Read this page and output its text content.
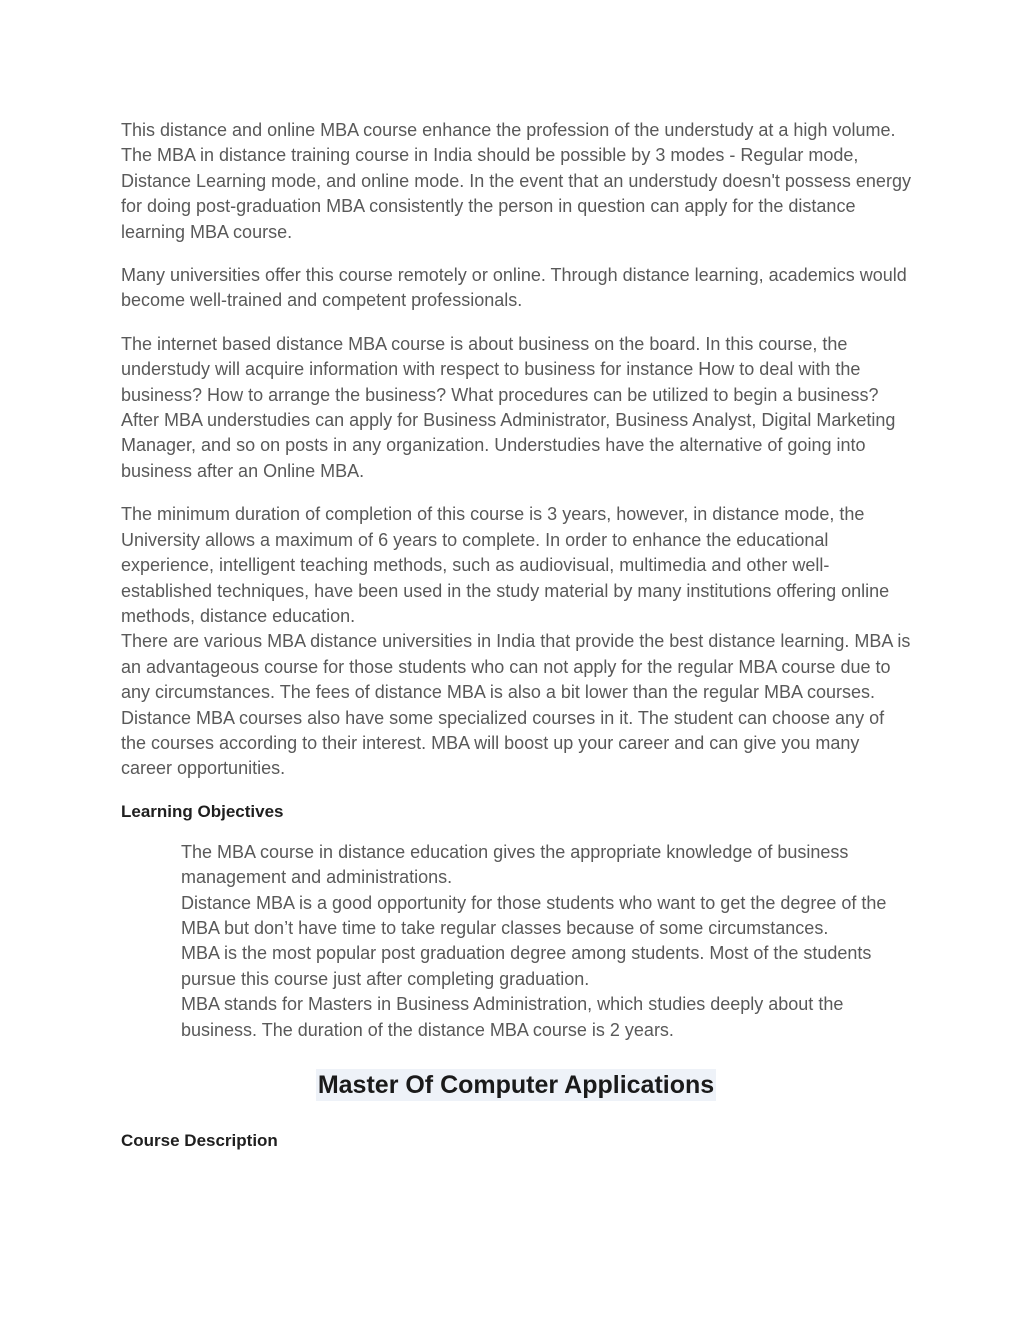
This distance and online MBA course enhance the profession of the understudy at a high volume. The MBA in distance training course in India should be possible by 3 modes - Regular mode, Distance Learning mode, and online mode. In the event that an understudy doesn't possess energy for doing post-graduation MBA consistently the person in question can apply for the distance learning MBA course.

Many universities offer this course remotely or online. Through distance learning, academics would become well-trained and competent professionals.

The internet based distance MBA course is about business on the board. In this course, the understudy will acquire information with respect to business for instance How to deal with the business? How to arrange the business? What procedures can be utilized to begin a business? After MBA understudies can apply for Business Administrator, Business Analyst, Digital Marketing Manager, and so on posts in any organization. Understudies have the alternative of going into business after an Online MBA.

The minimum duration of completion of this course is 3 years, however, in distance mode, the University allows a maximum of 6 years to complete. In order to enhance the educational experience, intelligent teaching methods, such as audiovisual, multimedia and other well-established techniques, have been used in the study material by many institutions offering online methods, distance education.

There are various MBA distance universities in India that provide the best distance learning. MBA is an advantageous course for those students who can not apply for the regular MBA course due to any circumstances. The fees of distance MBA is also a bit lower than the regular MBA courses. Distance MBA courses also have some specialized courses in it. The student can choose any of the courses according to their interest. MBA will boost up your career and can give you many career opportunities.

Learning Objectives
The MBA course in distance education gives the appropriate knowledge of business management and administrations.
Distance MBA is a good opportunity for those students who want to get the degree of the MBA but don’t have time to take regular classes because of some circumstances.
MBA is the most popular post graduation degree among students. Most of the students pursue this course just after completing graduation.
MBA stands for Masters in Business Administration, which studies deeply about the business. The duration of the distance MBA course is 2 years.
Master Of Computer Applications
Course Description
